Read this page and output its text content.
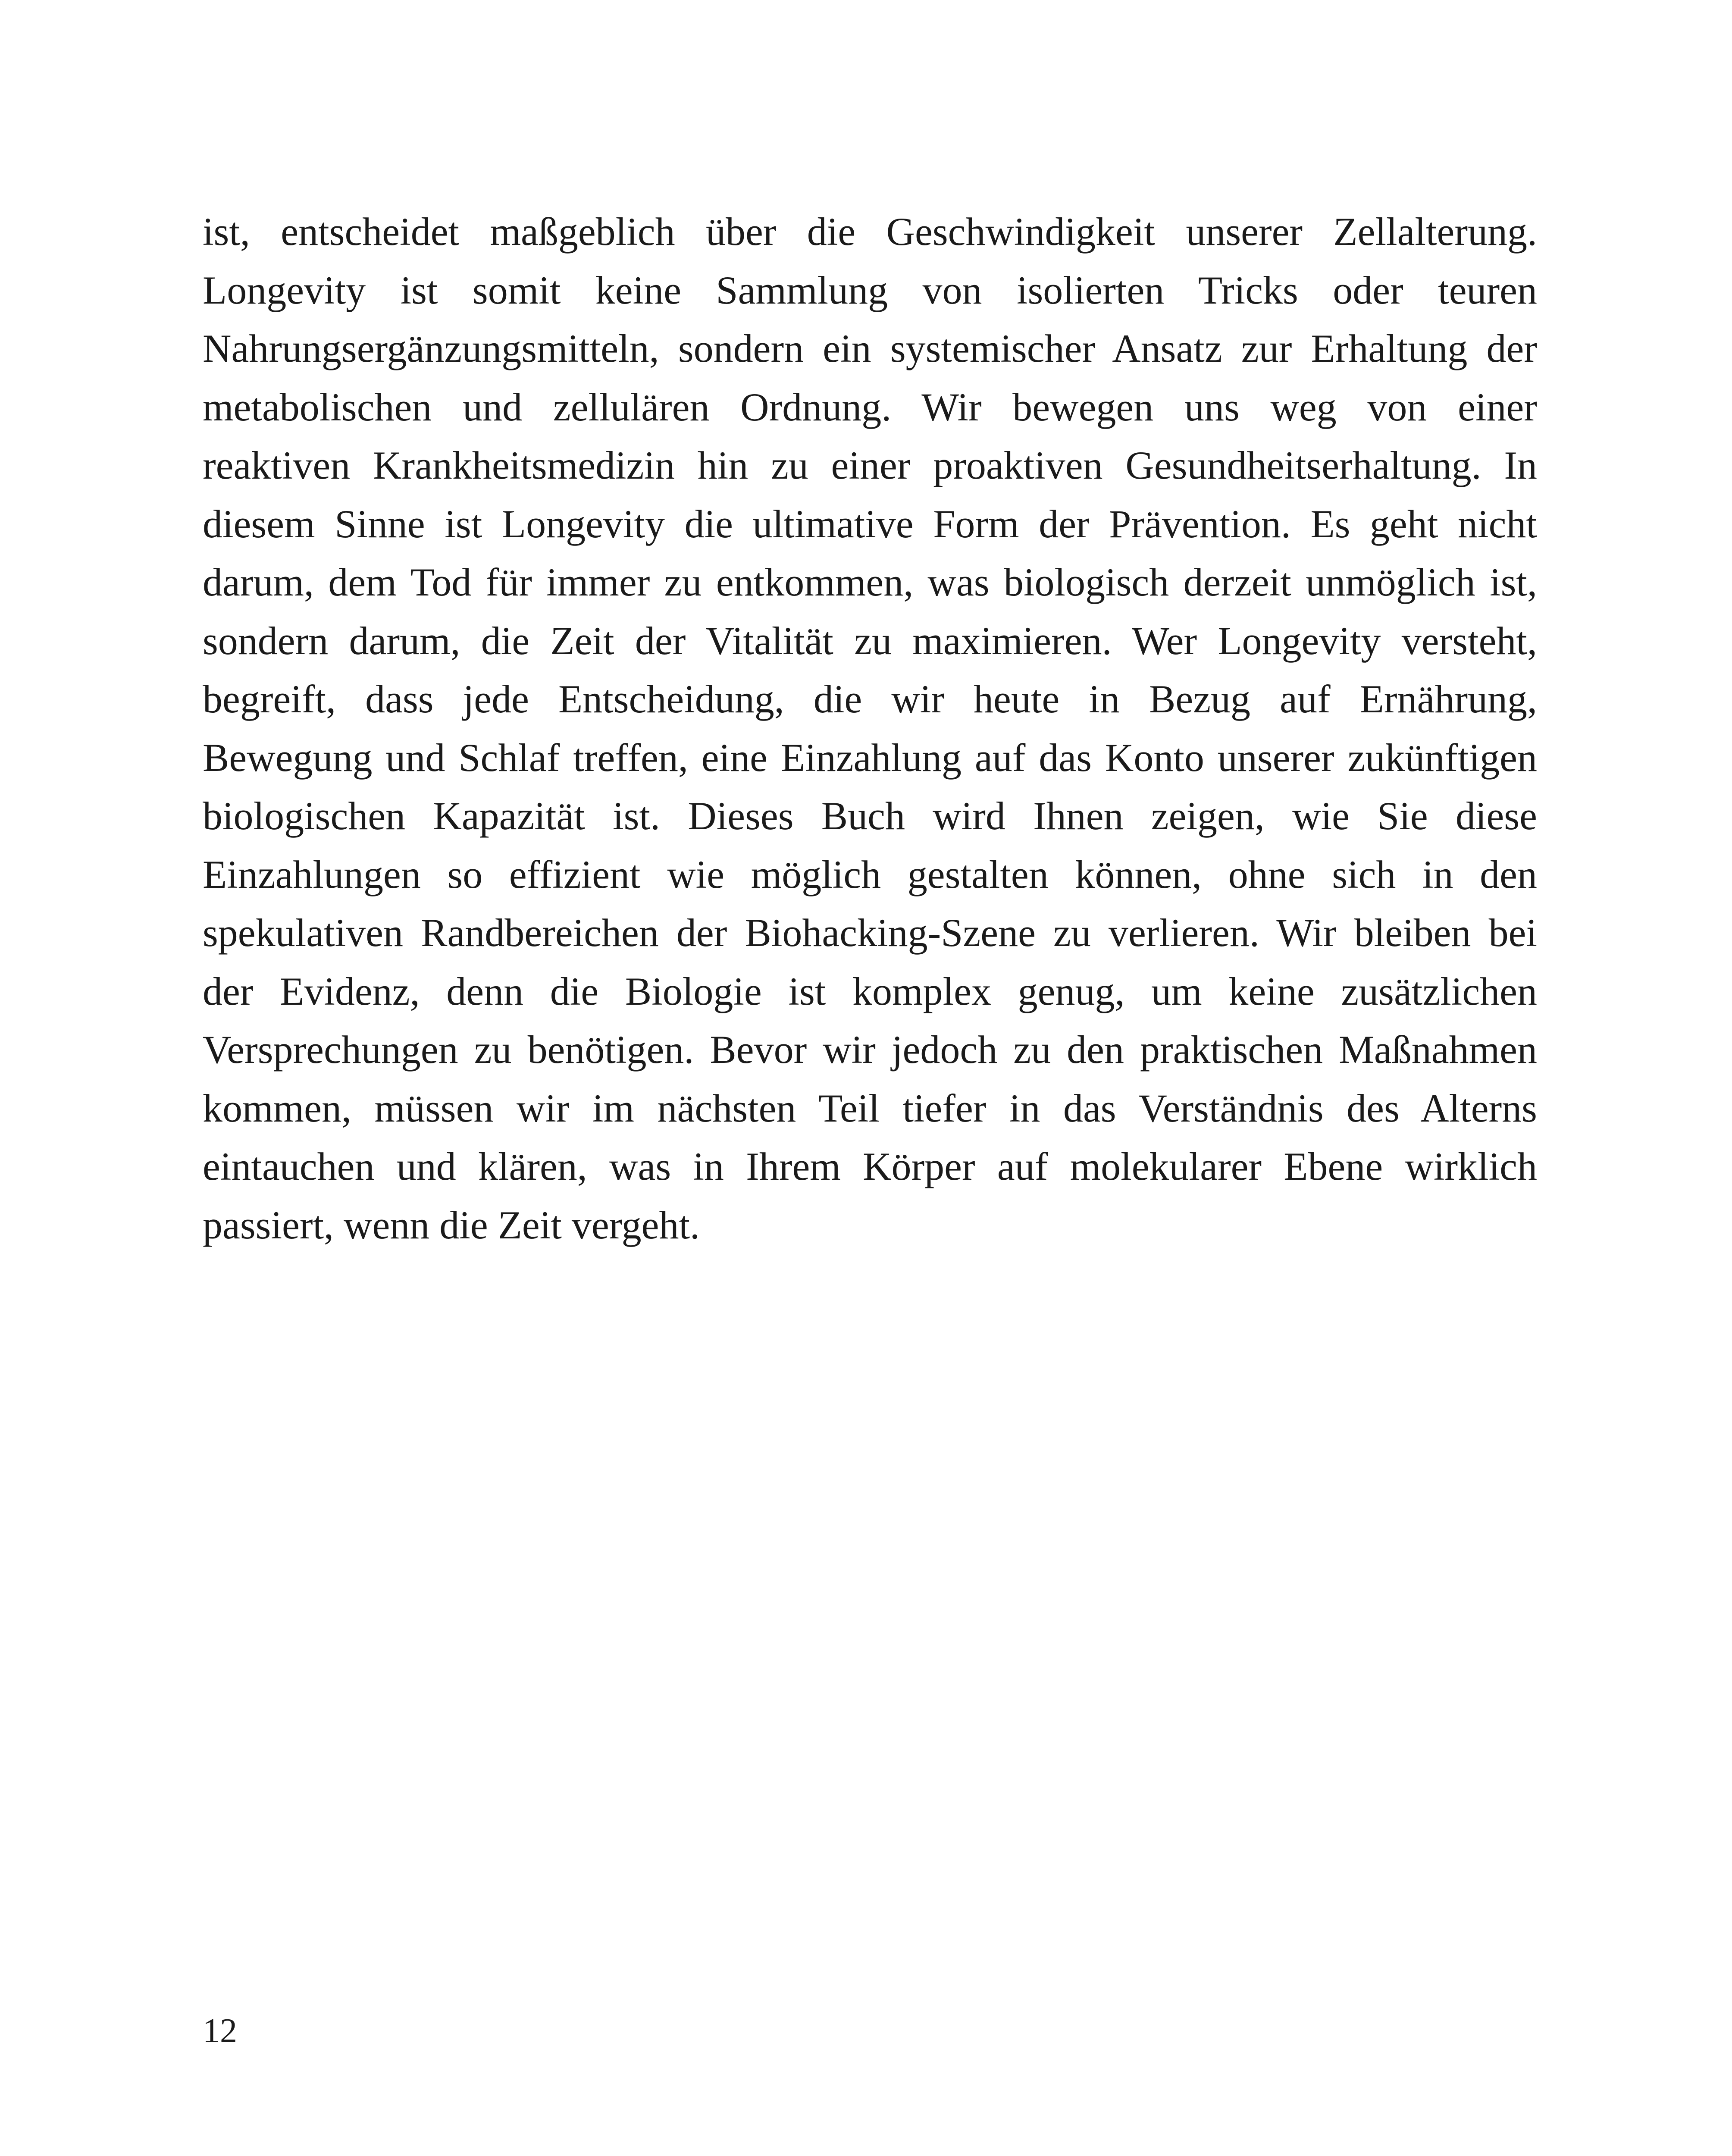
ist, entscheidet maßgeblich über die Geschwindigkeit unserer Zellalterung.
Longevity ist somit keine Sammlung von isolierten Tricks oder teuren
Nahrungsergänzungsmitteln, sondern ein systemischer Ansatz zur Erhaltung der
metabolischen und zellulären Ordnung. Wir bewegen uns weg von einer
reaktiven Krankheitsmedizin hin zu einer proaktiven Gesundheitserhaltung. In
diesem Sinne ist Longevity die ultimative Form der Prävention. Es geht nicht
darum, dem Tod für immer zu entkommen, was biologisch derzeit unmöglich ist,
sondern darum, die Zeit der Vitalität zu maximieren. Wer Longevity versteht,
begreift, dass jede Entscheidung, die wir heute in Bezug auf Ernährung,
Bewegung und Schlaf treffen, eine Einzahlung auf das Konto unserer zukünftigen
biologischen Kapazität ist. Dieses Buch wird Ihnen zeigen, wie Sie diese
Einzahlungen so effizient wie möglich gestalten können, ohne sich in den
spekulativen Randbereichen der Biohacking-Szene zu verlieren. Wir bleiben bei
der Evidenz, denn die Biologie ist komplex genug, um keine zusätzlichen
Versprechungen zu benötigen. Bevor wir jedoch zu den praktischen Maßnahmen
kommen, müssen wir im nächsten Teil tiefer in das Verständnis des Alterns
eintauchen und klären, was in Ihrem Körper auf molekularer Ebene wirklich
passiert, wenn die Zeit vergeht.
12
